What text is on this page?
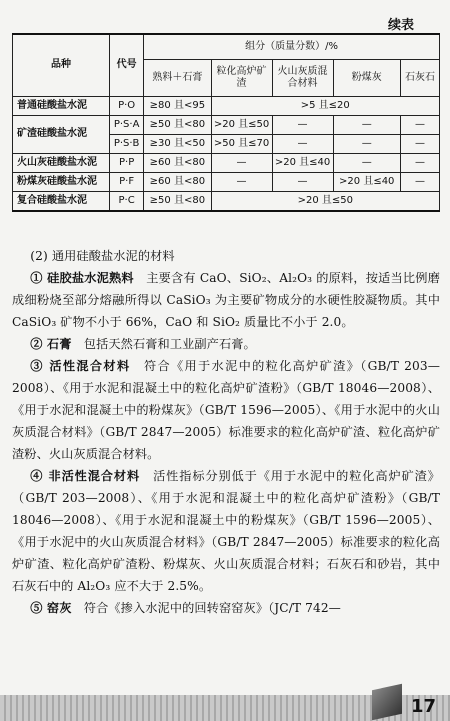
续表
品种	代号	组分（质量分数）/%				
		熟料＋石膏	粒化高炉矿渣	火山灰质混合材料	粉煤灰	石灰石
普通硅酸盐水泥	P·O	≥80 且<95	>5 且≤20			
矿渣硅酸盐水泥	P·S·A	≥50 且<80	>20 且≤50	—	—	—
	P·S·B	≥30 且<50	>50 且≤70	—	—	—
火山灰硅酸盐水泥	P·P	≥60 且<80	—	>20 且≤40	—	—
粉煤灰硅酸盐水泥	P·F	≥60 且<80	—	—	>20 且≤40	—
复合硅酸盐水泥	P·C	≥50 且<80	>20 且≤50			

(2) 通用硅酸盐水泥的材料

① 硅胶盐水泥熟料　主要含有 CaO、SiO₂、Al₂O₃ 的原料，按适当比例磨成细粉烧至部分熔融所得以 CaSiO₃ 为主要矿物成分的水硬性胶凝物质。其中 CaSiO₃ 矿物不小于 66%，CaO 和 SiO₂ 质量比不小于 2.0。

② 石膏　包括天然石膏和工业副产石膏。

③ 活性混合材料　符合《用于水泥中的粒化高炉矿渣》（GB/T 203—2008）、《用于水泥和混凝土中的粒化高炉矿渣粉》（GB/T 18046—2008）、《用于水泥和混凝土中的粉煤灰》（GB/T 1596—2005）、《用于水泥中的火山灰质混合材料》（GB/T 2847—2005）标准要求的粒化高炉矿渣、粒化高炉矿渣粉、火山灰质混合材料。

④ 非活性混合材料　活性指标分别低于《用于水泥中的粒化高炉矿渣》（GB/T 203—2008）、《用于水泥和混凝土中的粒化高炉矿渣粉》（GB/T 18046—2008）、《用于水泥和混凝土中的粉煤灰》（GB/T 1596—2005）、《用于水泥中的火山灰质混合材料》（GB/T 2847—2005）标准要求的粒化高炉矿渣、粒化高炉矿渣粉、粉煤灰、火山灰质混合材料；石灰石和砂岩，其中石灰石中的 Al₂O₃ 应不大于 2.5%。

⑤ 窑灰　符合《掺入水泥中的回转窑窑灰》（JC/T 742—

17
